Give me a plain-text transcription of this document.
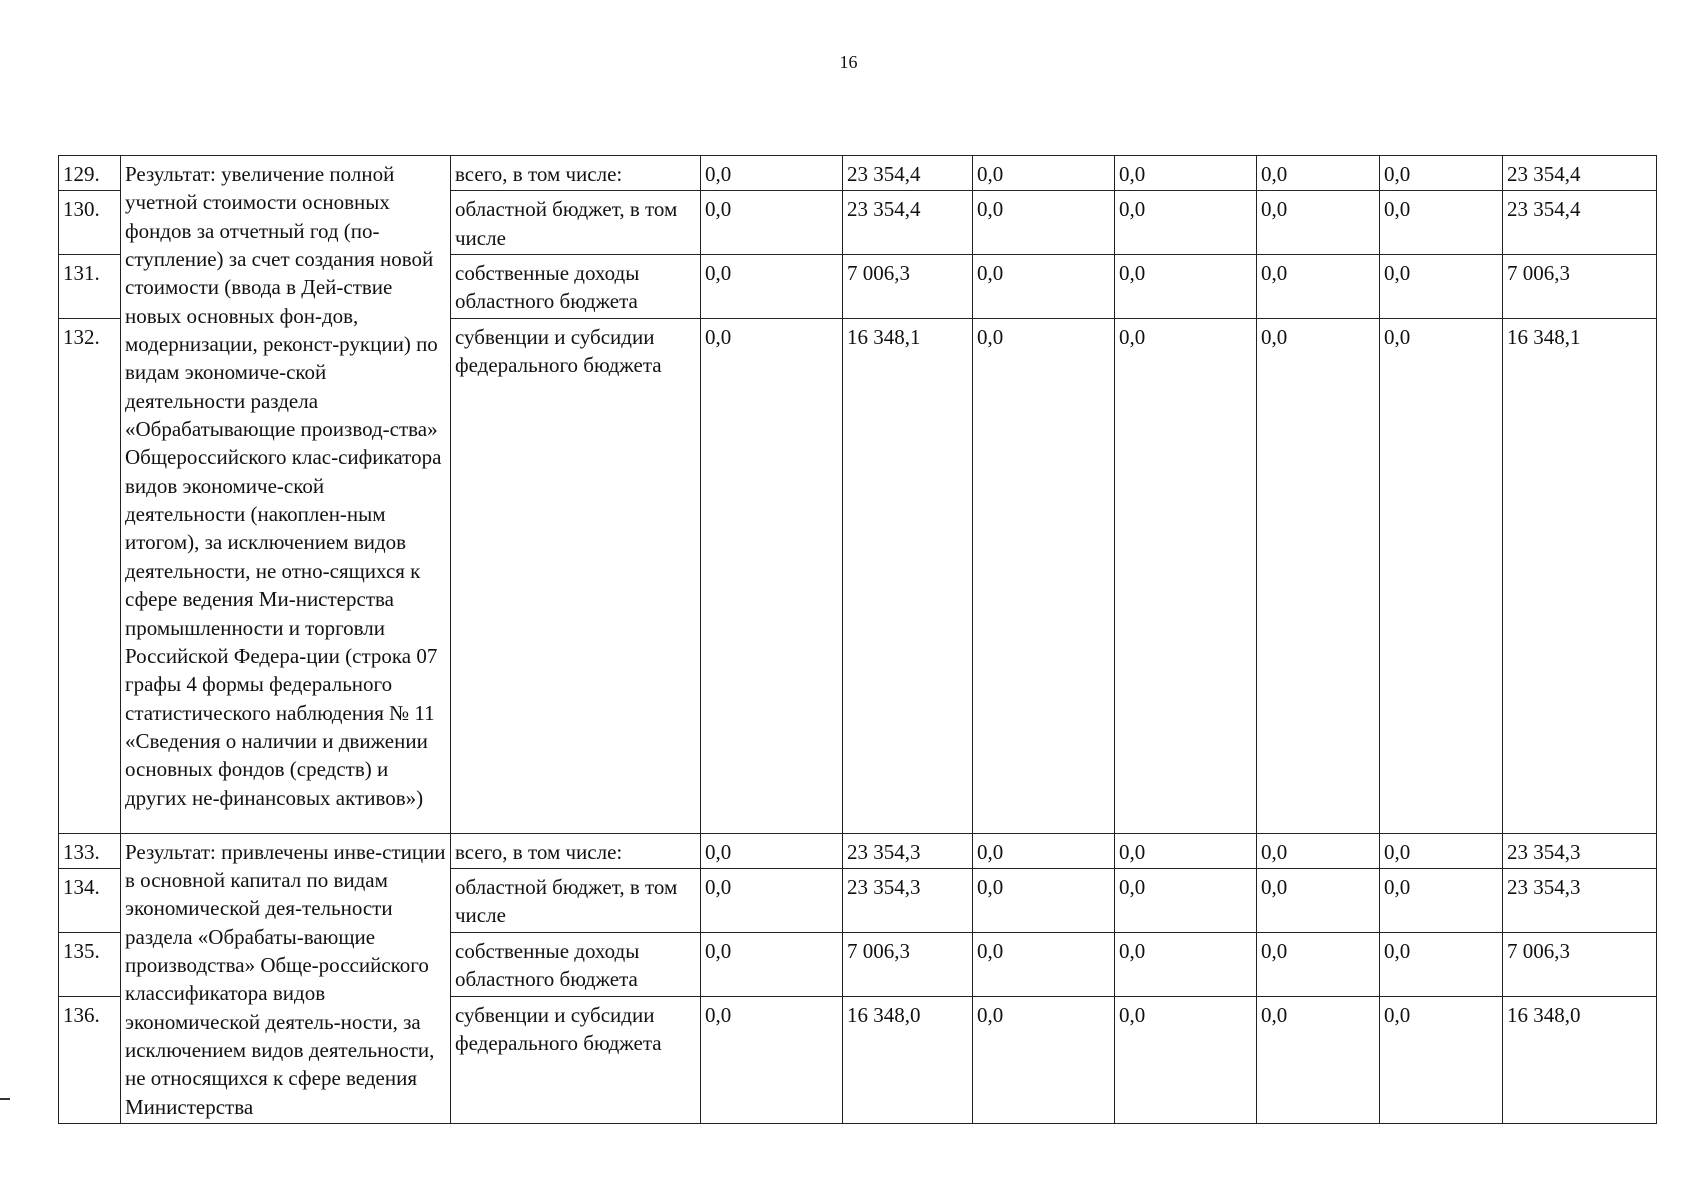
16
129.	Результат: увеличение полной учетной стоимости основных фондов за отчетный год (по-ступление) за счет создания новой стоимости (ввода в Дей-ствие новых основных фон-дов, модернизации, реконст-рукции) по видам экономиче-ской деятельности раздела «Обрабатывающие производ-ства» Общероссийского клас-сификатора видов экономиче-ской деятельности (накоплен-ным итогом), за исключением видов деятельности, не отно-сящихся к сфере ведения Ми-нистерства промышленности и торговли Российской Федера-ции (строка 07 графы 4 формы федерального статистического наблюдения № 11 «Сведения о наличии и движении основных фондов (средств) и других не-финансовых активов»)	всего, в том числе:	0,0	23 354,4	0,0	0,0	0,0	0,0	23 354,4
130.		областной бюджет, в том числе	0,0	23 354,4	0,0	0,0	0,0	0,0	23 354,4
131.		собственные доходы областного бюджета	0,0	7 006,3	0,0	0,0	0,0	0,0	7 006,3
132.		субвенции и субсидии федерального бюджета	0,0	16 348,1	0,0	0,0	0,0	0,0	16 348,1
133.	Результат: привлечены инве-стиции в основной капитал по видам экономической дея-тельности раздела «Обрабаты-вающие производства» Обще-российского классификатора видов экономической деятель-ности, за исключением видов деятельности, не относящихся к сфере ведения Министерства	всего, в том числе:	0,0	23 354,3	0,0	0,0	0,0	0,0	23 354,3
134.		областной бюджет, в том числе	0,0	23 354,3	0,0	0,0	0,0	0,0	23 354,3
135.		собственные доходы областного бюджета	0,0	7 006,3	0,0	0,0	0,0	0,0	7 006,3
136.		субвенции и субсидии федерального бюджета	0,0	16 348,0	0,0	0,0	0,0	0,0	16 348,0
